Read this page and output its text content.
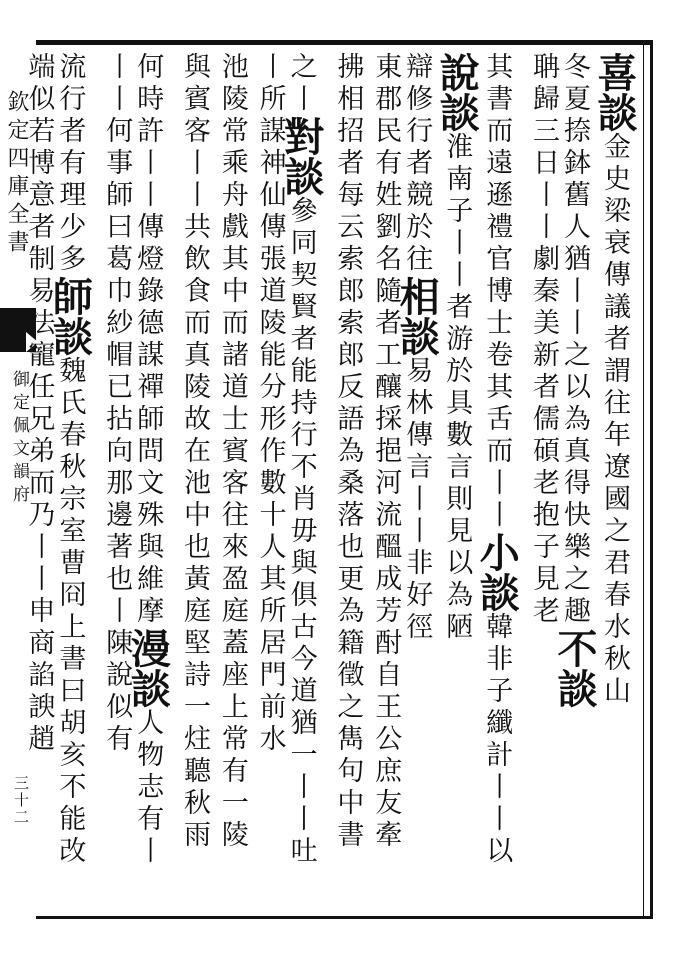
欽定四庫全書
御定佩文韻府
三十二
喜談金史梁衰傳議者謂往年遼國之君春水秋山
冬夏捺鉢舊人猶丨丨之以為真得快樂之趣不談
聃歸三日丨丨劇秦美新者儒碩老抱子見老
其書而遠遜禮官博士卷其舌而丨丨小談韓非子纖計丨丨以
說談淮南子丨丨者游於具數言則見以為陋
辯修行者競於往相談易林傳言丨丨非好徑
東郡民有姓劉名隨者工釀採挹河流醞成芳酎自王公庶友牽
拂相招者每云索郎索郎反語為桑落也更為籍徵之雋句中書
之丨對談參同契賢者能持行不肖毋與俱古今道猶一丨丨吐
丨所謀神仙傳張道陵能分形作數十人其所居門前水
池陵常乘舟戲其中而諸道士賓客往來盈庭蓋座上常有一陵
與賓客丨丨共飲食而真陵故在池中也黃庭堅詩一炷聽秋雨
何時許丨丨傳燈錄德謀禪師問文殊與維摩漫談人物志有丨
丨丨何事師曰葛巾紗帽已拈向那邊著也丨陳說似有
流行者有理少多師談魏氏春秋宗室曹冏上書曰胡亥不能改
端似若博意者制易法寵任兄弟而乃丨丨申商諂諛趙
